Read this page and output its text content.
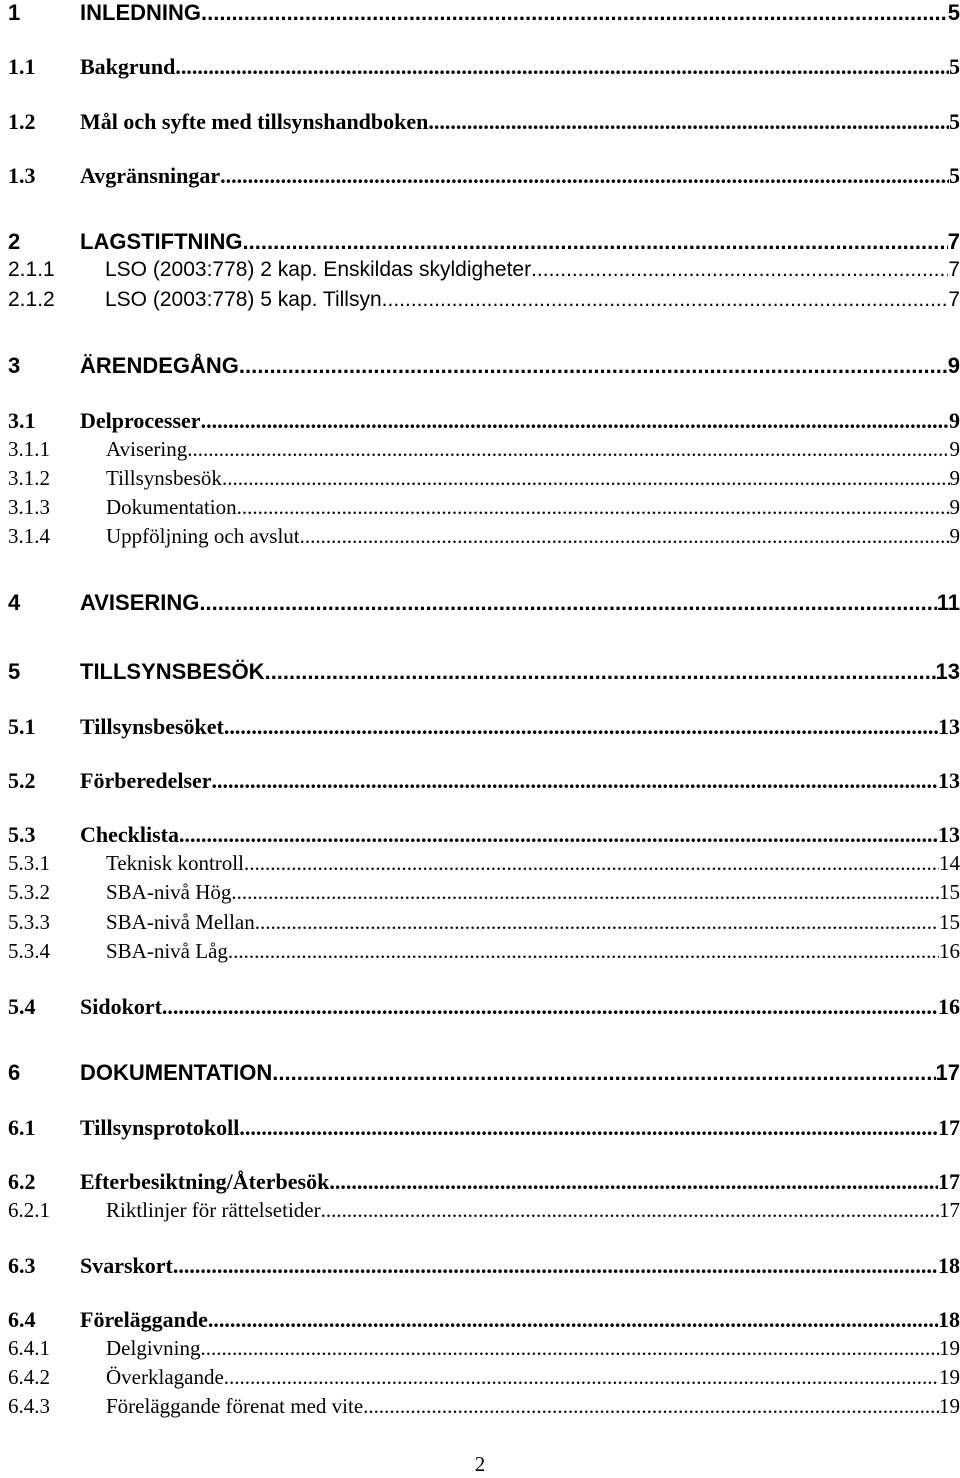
1	INLEDNING .....	5
1.1	Bakgrund .....	5
1.2	Mål och syfte med tillsynshandboken .....	5
1.3	Avgränsningar .....	5
2	LAGSTIFTNING .....	7
2.1.1	LSO (2003:778) 2 kap. Enskildas skyldigheter .....	7
2.1.2	LSO (2003:778) 5 kap. Tillsyn .....	7
3	ÄRENDEGÅNG .....	9
3.1	Delprocesser .....	9
3.1.1	Avisering .....	9
3.1.2	Tillsynsbesök .....	9
3.1.3	Dokumentation .....	9
3.1.4	Uppföljning och avslut .....	9
4	AVISERING .....	11
5	TILLSYNSBESÖK .....	13
5.1	Tillsynsbesöket .....	13
5.2	Förberedelser .....	13
5.3	Checklista .....	13
5.3.1	Teknisk kontroll .....	14
5.3.2	SBA-nivå Hög .....	15
5.3.3	SBA-nivå Mellan .....	15
5.3.4	SBA-nivå Låg .....	16
5.4	Sidokort .....	16
6	DOKUMENTATION .....	17
6.1	Tillsynsprotokoll .....	17
6.2	Efterbesiktning/Återbesök .....	17
6.2.1	Riktlinjer för rättelsetider .....	17
6.3	Svarskort .....	18
6.4	Föreläggande .....	18
6.4.1	Delgivning .....	19
6.4.2	Överklagande .....	19
6.4.3	Föreläggande förenat med vite .....	19
2
